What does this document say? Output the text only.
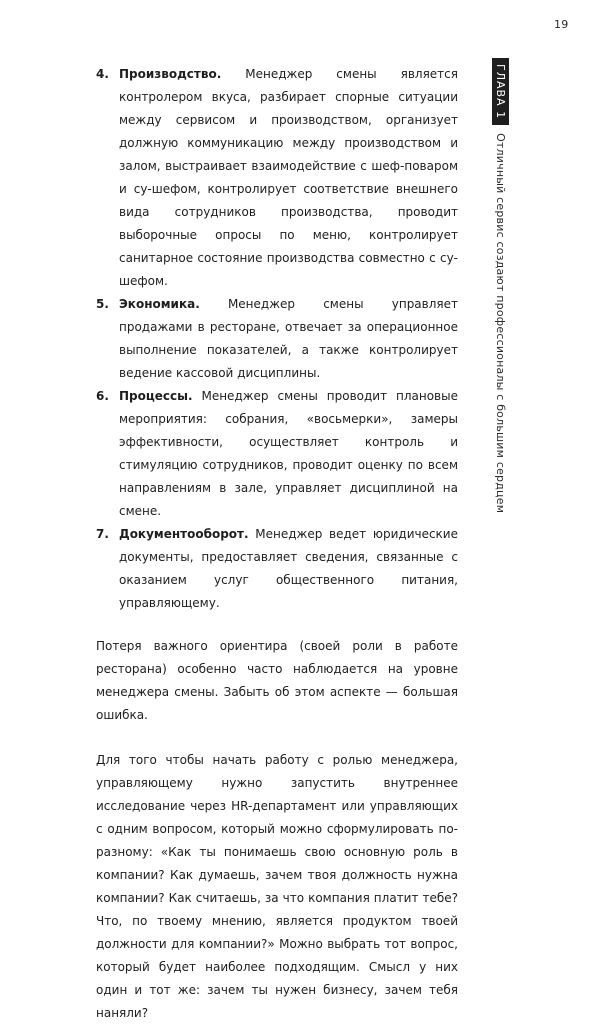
19
ГЛАВА 1
Отличный сервис создают профессионалы с большим сердцем
4. Производство. Менеджер смены является контролером вкуса, разбирает спорные ситуации между сервисом и производством, организует должную коммуникацию между производством и залом, выстраивает взаимодействие с шеф-поваром и су-шефом, контролирует соответствие внешнего вида сотрудников производства, проводит выборочные опросы по меню, контролирует санитарное состояние производства совместно с су-шефом.
5. Экономика. Менеджер смены управляет продажами в ресторане, отвечает за операционное выполнение показателей, а также контролирует ведение кассовой дисциплины.
6. Процессы. Менеджер смены проводит плановые мероприятия: собрания, «восьмерки», замеры эффективности, осуществляет контроль и стимуляцию сотрудников, проводит оценку по всем направлениям в зале, управляет дисциплиной на смене.
7. Документооборот. Менеджер ведет юридические документы, предоставляет сведения, связанные с оказанием услуг общественного питания, управляющему.

Потеря важного ориентира (своей роли в работе ресторана) особенно часто наблюдается на уровне менеджера смены. Забыть об этом аспекте — большая ошибка.

Для того чтобы начать работу с ролью менеджера, управляющему нужно запустить внутреннее исследование через HR-департамент или управляющих с одним вопросом, который можно сформулировать по-разному: «Как ты понимаешь свою основную роль в компании? Как думаешь, зачем твоя должность нужна компании? Как считаешь, за что компания платит тебе? Что, по твоему мнению, является продуктом твоей должности для компании?» Можно выбрать тот вопрос, который будет наиболее подходящим. Смысл у них один и тот же: зачем ты нужен бизнесу, зачем тебя наняли?
